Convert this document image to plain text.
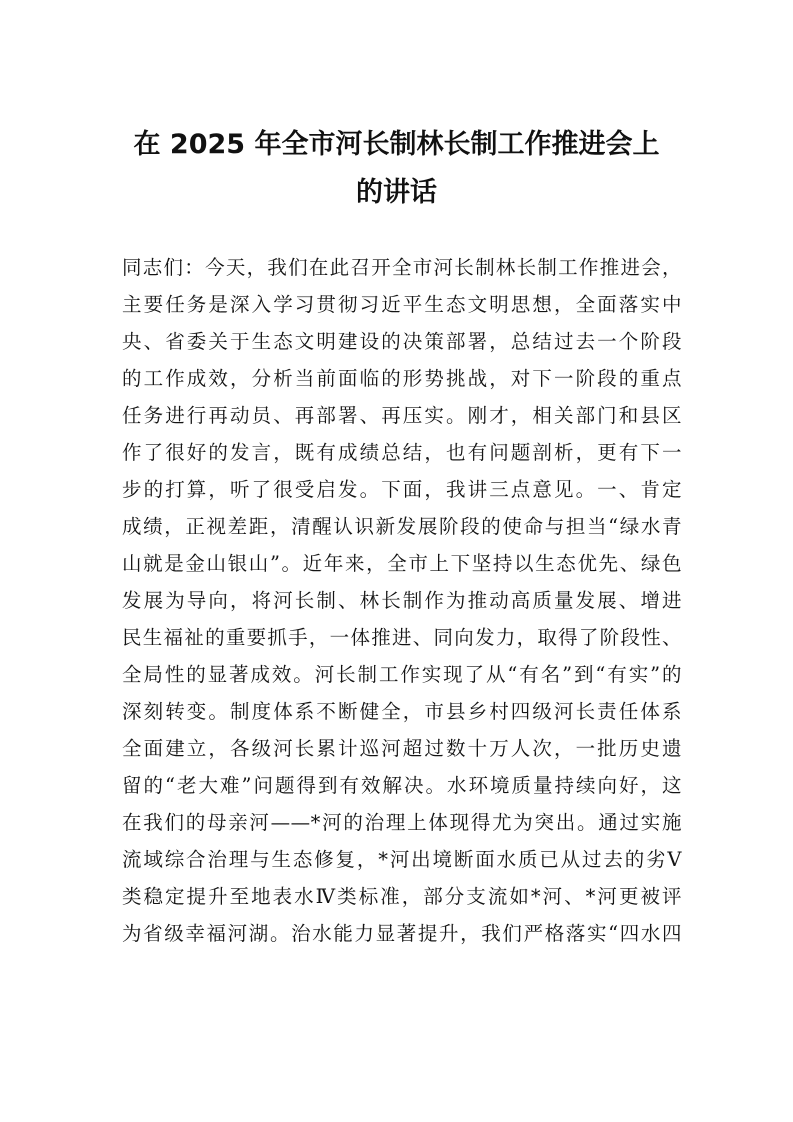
在 2025 年全市河长制林长制工作推进会上
的讲话
同志们：今天，我们在此召开全市河长制林长制工作推进会，
主要任务是深入学习贯彻习近平生态文明思想，全面落实中
央、省委关于生态文明建设的决策部署，总结过去一个阶段
的工作成效，分析当前面临的形势挑战，对下一阶段的重点
任务进行再动员、再部署、再压实。刚才，相关部门和县区
作了很好的发言，既有成绩总结，也有问题剖析，更有下一
步的打算，听了很受启发。下面，我讲三点意见。一、肯定
成绩，正视差距，清醒认识新发展阶段的使命与担当“绿水青
山就是金山银山”。近年来，全市上下坚持以生态优先、绿色
发展为导向，将河长制、林长制作为推动高质量发展、增进
民生福祉的重要抓手，一体推进、同向发力，取得了阶段性、
全局性的显著成效。河长制工作实现了从“有名”到“有实”的
深刻转变。制度体系不断健全，市县乡村四级河长责任体系
全面建立，各级河长累计巡河超过数十万人次，一批历史遗
留的“老大难”问题得到有效解决。水环境质量持续向好，这
在我们的母亲河——*河的治理上体现得尤为突出。通过实施
流域综合治理与生态修复，*河出境断面水质已从过去的劣Ⅴ
类稳定提升至地表水Ⅳ类标准，部分支流如*河、*河更被评
为省级幸福河湖。治水能力显著提升，我们严格落实“四水四
